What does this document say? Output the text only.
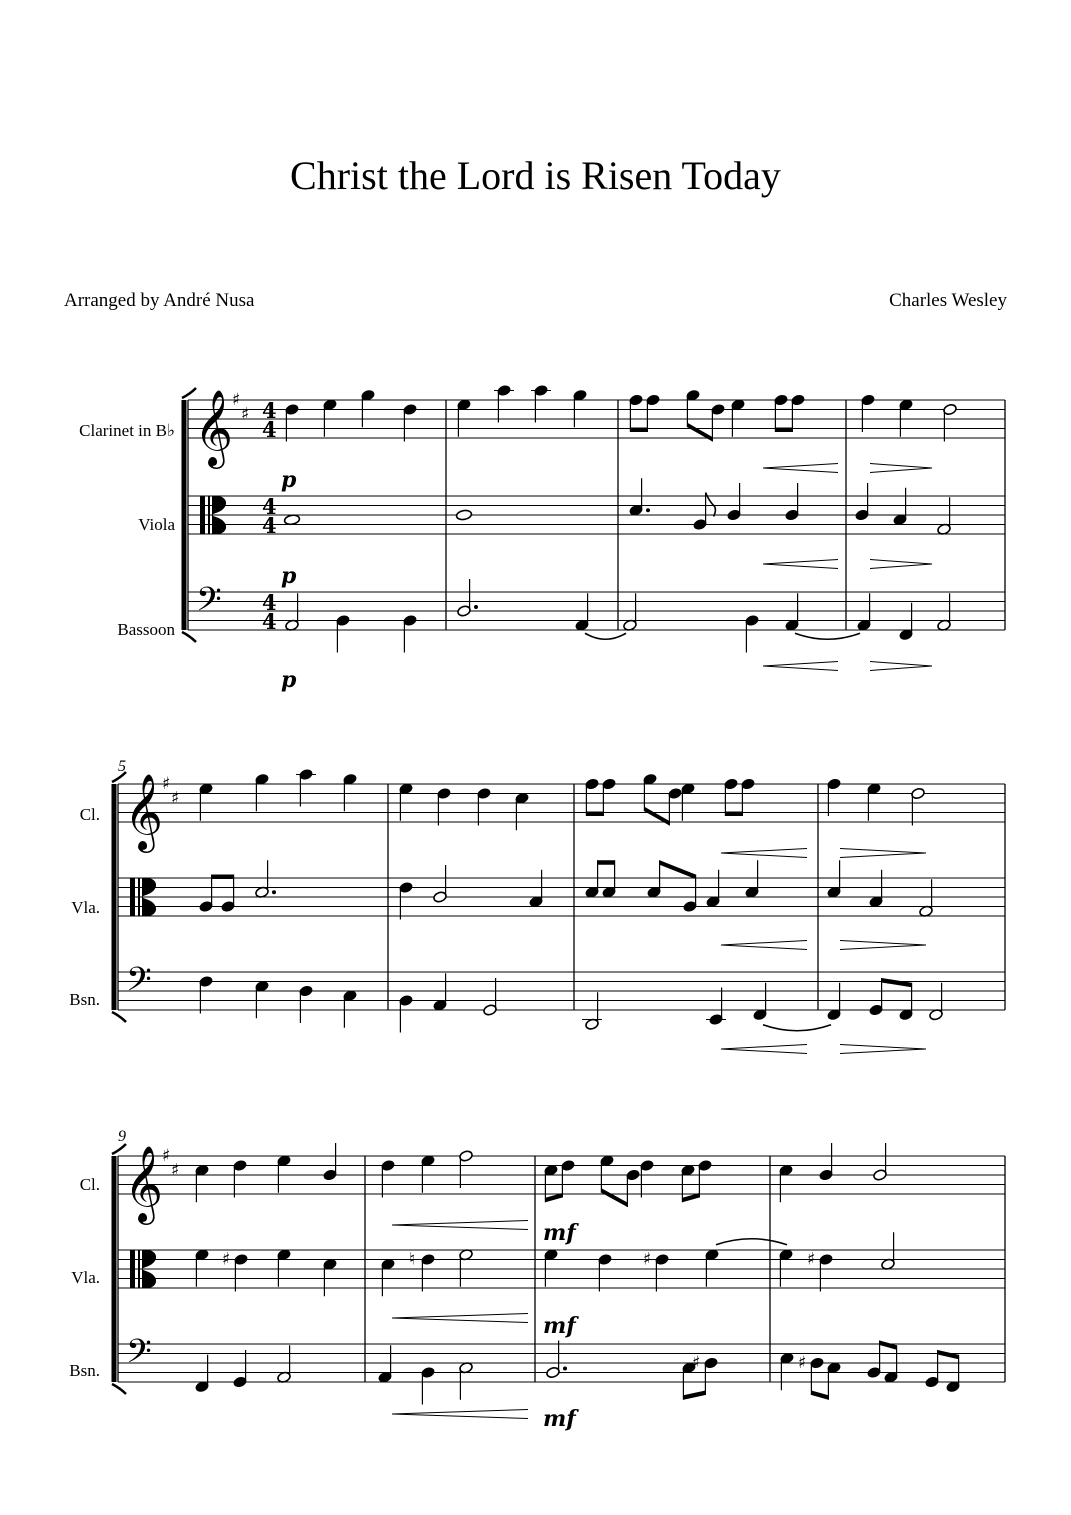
Christ the Lord is Risen Today
Arranged by André Nusa	Charles Wesley
Clarinet in B♭
Viola
Bassoon
5
Cl.
Vla.
Bsn.
9
Cl.
Vla.
Bsn.
𝄞
♯
♯ 4
4
4
4
𝄢 4
4
p
p
p
𝄞
♯
♯
𝄢
𝄞
♯
♯
𝄢
mf
♯	♮	♯	♯
mf
♯	♯
mf
